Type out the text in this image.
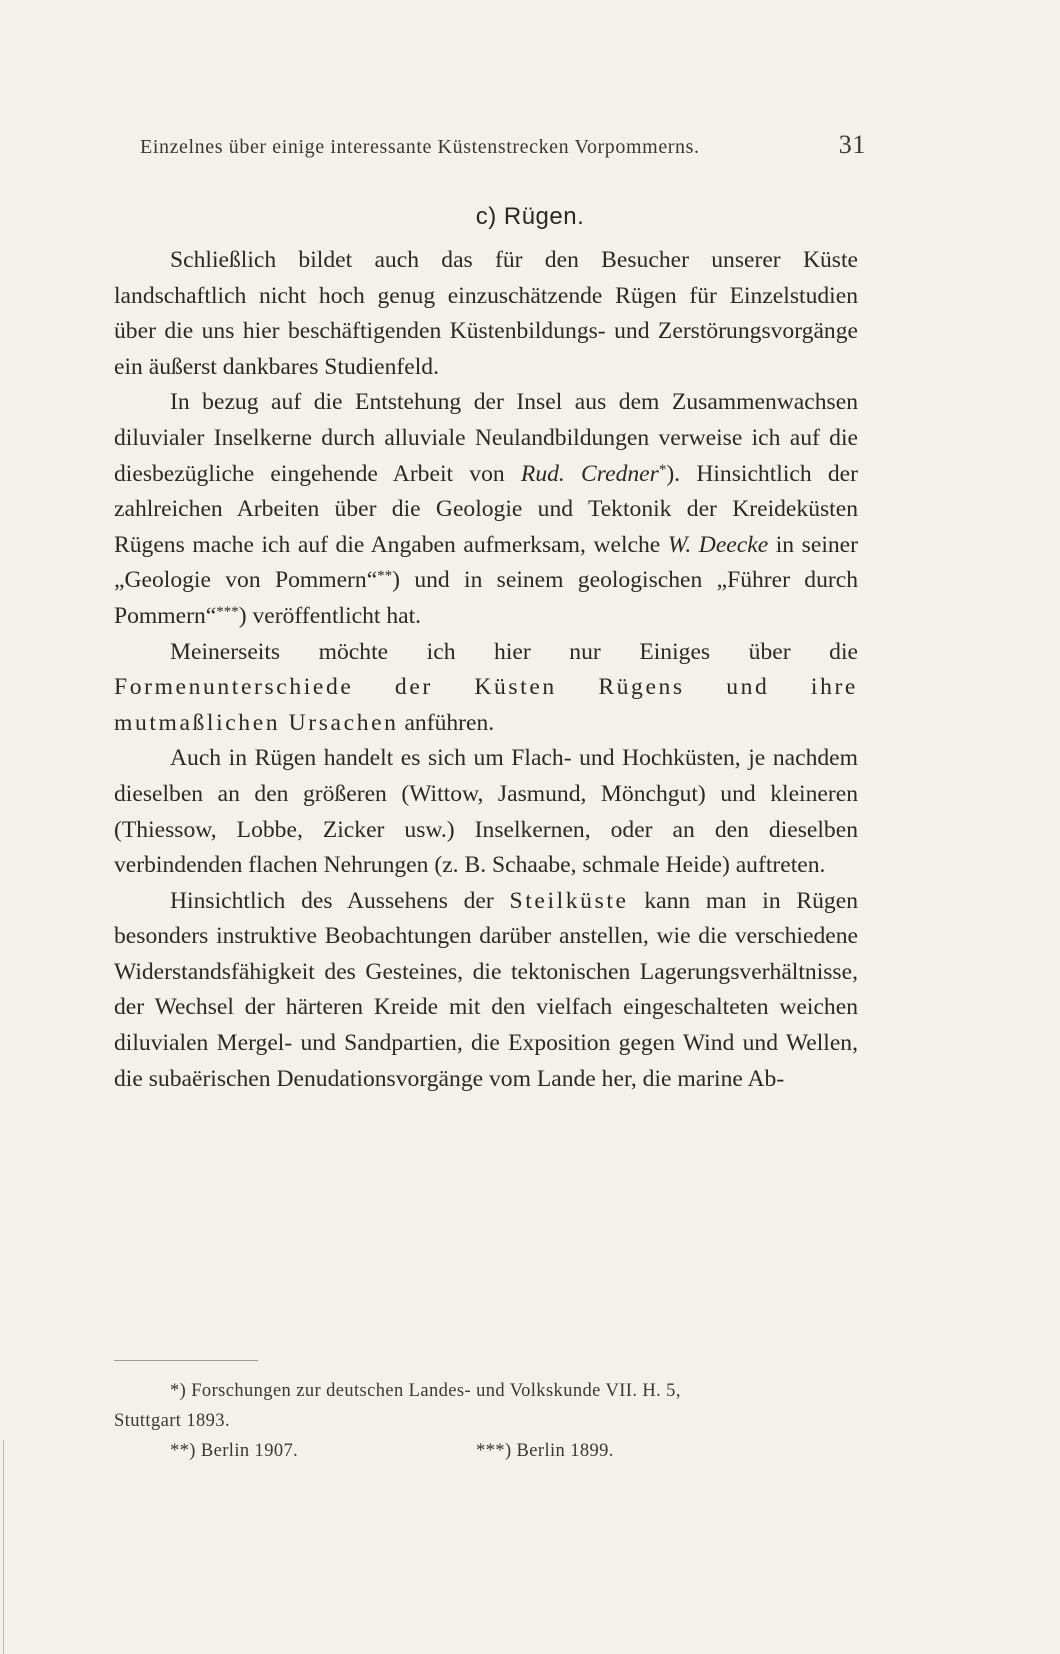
Einzelnes über einige interessante Küstenstrecken Vorpommerns.	31
c) Rügen.

Schließlich bildet auch das für den Besucher unserer Küste landschaftlich nicht hoch genug einzuschätzende Rügen für Einzelstudien über die uns hier beschäftigenden Küstenbildungs- und Zerstörungsvorgänge ein äußerst dankbares Studienfeld.

In bezug auf die Entstehung der Insel aus dem Zusammenwachsen diluvialer Inselkerne durch alluviale Neulandbildungen verweise ich auf die diesbezügliche eingehende Arbeit von Rud. Credner*). Hinsichtlich der zahlreichen Arbeiten über die Geologie und Tektonik der Kreideküsten Rügens mache ich auf die Angaben aufmerksam, welche W. Deecke in seiner „Geologie von Pommern“**) und in seinem geologischen „Führer durch Pommern“***) veröffentlicht hat.

Meinerseits möchte ich hier nur Einiges über die Formenunterschiede der Küsten Rügens und ihre mutmaßlichen Ursachen anführen.

Auch in Rügen handelt es sich um Flach- und Hochküsten, je nachdem dieselben an den größeren (Wittow, Jasmund, Mönchgut) und kleineren (Thiessow, Lobbe, Zicker usw.) Inselkernen, oder an den dieselben verbindenden flachen Nehrungen (z. B. Schaabe, schmale Heide) auftreten.

Hinsichtlich des Aussehens der Steilküste kann man in Rügen besonders instruktive Beobachtungen darüber anstellen, wie die verschiedene Widerstandsfähigkeit des Gesteines, die tektonischen Lagerungsverhältnisse, der Wechsel der härteren Kreide mit den vielfach eingeschalteten weichen diluvialen Mergel- und Sandpartien, die Exposition gegen Wind und Wellen, die subaërischen Denudationsvorgänge vom Lande her, die marine Ab-

*) Forschungen zur deutschen Landes- und Volkskunde VII. H. 5,

Stuttgart 1893.

**) Berlin 1907.	***) Berlin 1899.
